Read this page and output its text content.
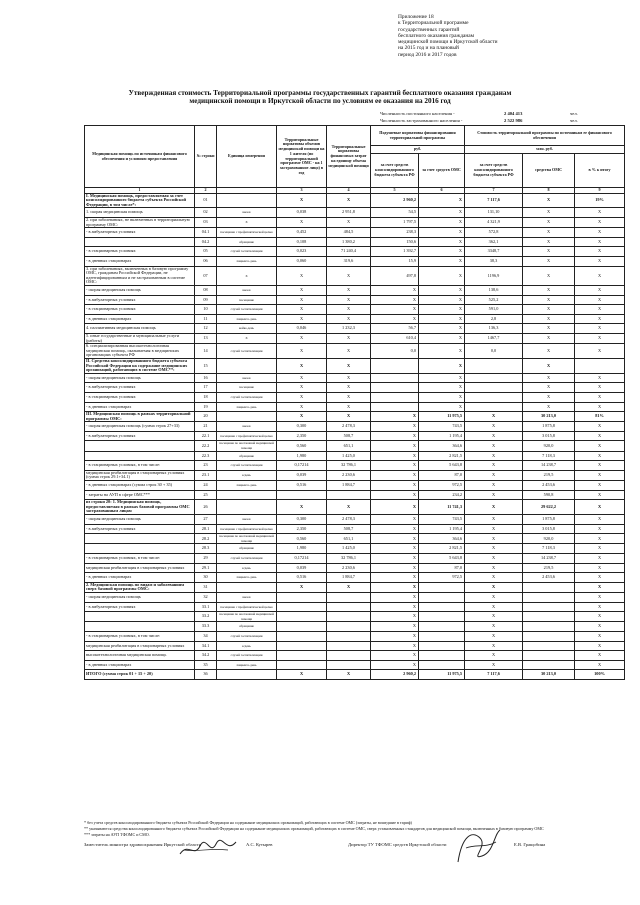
Приложение 18
к Территориальной программе
государственных гарантий
бесплатного оказания гражданам
медицинской помощи в Иркутской области
на 2015 год и на плановый
период 2016 и 2017 годов
Утвержденная стоимость Территориальной программы государственных гарантий бесплатного оказания гражданам
медицинской помощи в Иркутской области по условиям ее оказания на 2016 год
Численность постоянного населения -	2 404 413	чел.
Численность застрахованного населения -	2 522 986	чел.
Медицинская помощь по источникам финансового обеспечения и условиям предоставления	№ строки	Единица измерения	Территориальные нормативы объемов медицинской помощи на 1 жителя (по территориальной программе ОМС - на 1 застрахованное лицо) в год	Территориальные нормативы финансовых затрат на единицу объема медицинской помощи	Подушевые нормативы финансирования территориальной программы		Стоимость территориальной программы по источникам ее финансового обеспечения		
					руб.		млн. руб.		
					за счет средств консолидированного бюджета субъекта РФ	за счет средств ОМС	за счет средств консолидированного бюджета субъекта РФ	средства ОМС	в % к итогу
1	2		3	4	5	6	7	8	9
I. Медицинская помощь, предоставляемая за счет консолидированного бюджета субъекта Российской Федерации, в том числе*:	01		Х	Х	2 960,2	Х	7 117,6	Х	19%
1. скорая медицинская помощь	02	вызов	0,038	2 951,8	54,5	Х	131,10	Х	Х
2. при заболеваниях, не включенных в территориальную программу ОМС:	03	Х	Х	Х	1 797,5	Х	4 321,9	Х	Х
- в амбулаторных условиях	04.1	посещение с профилактической целью	0,452	484,5	238,3	Х	572,8	Х	Х
	04.2	обращение	0,108	1 380,2	150,6	Х	362,1	Х	Х
- в стационарных условиях	05	случай госпитализации	0,023	71 240,4	1 392,7	Х	3348,7	Х	Х
- в дневных стационарах	06	пациенто-день	0,060	319,6	15,9	Х	38,3	Х	Х
3. при заболеваниях, включенных в базовую программу ОМС, гражданам Российской Федерации, не идентифицированным и не застрахованным в системе ОМС:	07	Х	Х	Х	497,8	Х	1196,9	Х	Х
- скорая медицинская помощь	08	вызов	Х	Х	Х	Х	138,6	Х	Х
- в амбулаторных условиях	09	посещение	Х	Х	Х	Х	525,2	Х	Х
- в стационарных условиях	10	случай госпитализации	Х	Х	Х	Х	591,0	Х	Х
- в дневных стационарах	11	пациенто-день	Х	Х	Х	Х	2,8	Х	Х
4. паллиативная медицинская помощь	12	койко-день	0,046	1 232,3	56,7	Х	136,3	Х	Х
5. иные государственные и муниципальные услуги (работы)	13	Х	Х	Х	610,4	Х	1467,7	Х	Х
6. специализированная высокотехнологичная медицинская помощь, оказываемая в медицинских организациях субъекта РФ	14	случай госпитализации	Х	Х	0,0	Х	0,0	Х	Х
II. Средства консолидированного бюджета субъекта Российской Федерации на содержание медицинских организаций, работающих в системе ОМС**:	15		Х	Х		Х		Х	
- скорая медицинская помощь	16	вызов	Х	Х		Х		Х	Х
- в амбулаторных условиях	17	посещение	Х	Х		Х		Х	Х
- в стационарных условиях	18	случай госпитализации	Х	Х		Х		Х	Х
- в дневных стационарах	19	пациенто-день	Х	Х		Х		Х	Х
III. Медицинская помощь в рамках территориальной программы ОМС:	20		Х	Х	Х	11 975,5	Х	30 213,0	81%
- скорая медицинская помощь (сумма строк 27+33)	21	вызов	0,300	2 478,3	Х	743,5	Х	1 875,8	Х
- в амбулаторных условиях	22.1	посещение с профилактической целью	2,350	508,7	Х	1 195,4	Х	3 015,8	Х
	22.2	посещение по неотложной медицинской помощи	0,560	651,1	Х	364,6	Х	920,0	Х
	22.3	обращение	1,980	1 425,0	Х	2 821,5	Х	7 118,3	Х
- в стационарных условиях, в том числе:	23	случай госпитализации	0,17214	32 786,1	Х	5 643,8	Х	14 238,7	Х
медицинская реабилитация в стационарных условиях (сумма строк 29.1+34.1)	23.1	к/день	0,039	2 230,6	Х	87,0	Х	219,5	Х
- в дневных стационарах (сумма строк 30 + 35)	24	пациенто-день	0,516	1 884,7	Х	972,5	Х	2 453,6	Х
- затраты на АУП в сфере ОМС***	25				Х	234,2	Х	590,8	Х
из строки 20: 1. Медицинская помощь, предоставляемая в рамках базовой программы ОМС застрахованным лицам	26		Х	Х	Х	11 741,3	Х	29 622,2	Х
- скорая медицинская помощь	27	вызов	0,300	2 478,3	Х	743,5	Х	1 875,8	Х
- в амбулаторных условиях	28.1	посещение с профилактической целью	2,350	508,7	Х	1 195,4	Х	3 015,8	Х
	28.2	посещение по неотложной медицинской помощи	0,560	651,1	Х	364,6	Х	920,0	Х
	28.3	обращение	1,980	1 425,0	Х	2 821,5	Х	7 118,3	Х
- в стационарных условиях, в том числе:	29	случай госпитализации	0,17214	32 786,1	Х	5 643,8	Х	14 238,7	Х
медицинская реабилитация в стационарных условиях	29.1	к/день	0,039	2 230,6	Х	87,0	Х	219,5	Х
- в дневных стационарах	30	пациенто-день	0,516	1 884,7	Х	972,5	Х	2 453,6	Х
2. Медицинская помощь по видам и заболеваниям сверх базовой программы ОМС:	31		Х	Х	Х		Х		Х
- скорая медицинская помощь	32	вызов			Х		Х		Х
- в амбулаторных условиях	33.1	посещение с профилактической целью			Х		Х		Х
	33.2	посещение по неотложной медицинской помощи			Х		Х		Х
	33.3	обращение			Х		Х		Х
- в стационарных условиях, в том числе:	34	случай госпитализации			Х		Х		Х
медицинская реабилитация в стационарных условиях	34.1	к/день			Х		Х		Х
высокотехнологичная медицинская помощь	34.2	случай госпитализации			Х		Х		Х
- в дневных стационарах	35	пациенто-день			Х		Х		Х
ИТОГО (сумма строк 01 + 15 + 20)	36		Х	Х	2 960,2	11 975,5	7 117,6	30 213,0	100%
* без учета средств консолидированного бюджета субъекта Российской Федерации на содержание медицинских организаций, работающих в системе ОМС (затраты, не вошедшие в тариф)
** указываются средства консолидированного бюджета субъекта Российской Федерации на содержание медицинских организаций, работающих в системе ОМС, сверх установленных стандартов для медицинской помощи, включенных в базовую программу ОМС
*** затраты на АУП ТФОМС и СМО.
Заместитель министра здравоохранения Иркутской области	А.С. Кутырев	Директор ТУ ТФОМС средств Иркутской области	Е.В. Гращобина
